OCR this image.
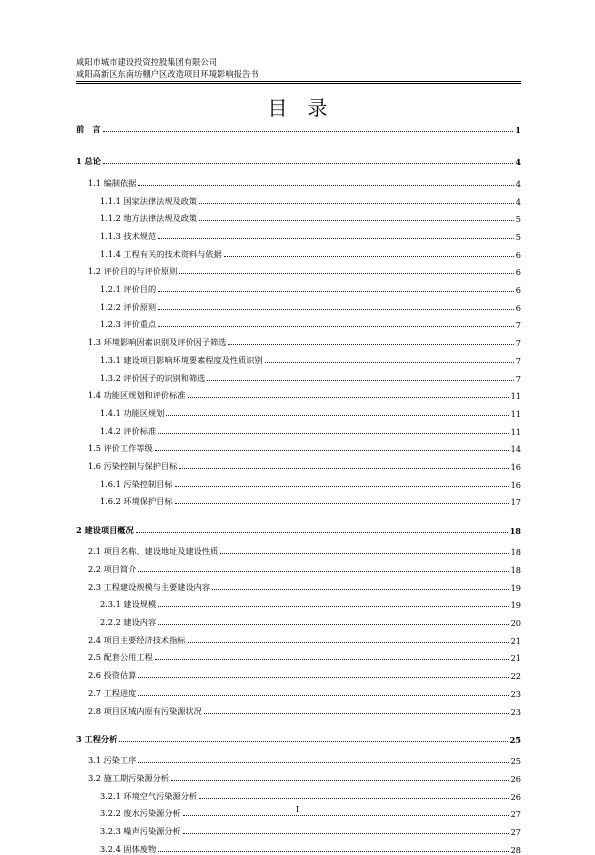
咸阳市城市建设投资控股集团有限公司
咸阳高新区东南坊棚户区改造项目环境影响报告书
目　录
前　言	1
1 总论	4
1.1 编制依据	4
1.1.1 国家法律法规及政策	4
1.1.2 地方法律法规及政策	5
1.1.3 技术规范	5
1.1.4 工程有关的技术资料与依据	6
1.2 评价目的与评价原则	6
1.2.1 评价目的	6
1.2.2 评价原则	6
1.2.3 评价重点	7
1.3 环境影响因素识别及评价因子筛选	7
1.3.1 建设项目影响环境要素程度及性质识别	7
1.3.2 评价因子的识别和筛选	7
1.4 功能区规划和评价标准	11
1.4.1 功能区规划	11
1.4.2 评价标准	11
1.5 评价工作等级	14
1.6 污染控制与保护目标	16
1.6.1 污染控制目标	16
1.6.2 环境保护目标	17
2 建设项目概况	18
2.1 项目名称、建设地址及建设性质	18
2.2 项目简介	18
2.3 工程建设规模与主要建设内容	19
2.3.1 建设规模	19
2.2.2 建设内容	20
2.4 项目主要经济技术指标	21
2.5 配套公用工程	21
2.6 投资估算	22
2.7 工程进度	23
2.8 项目区域内原有污染源状况	23
3 工程分析	25
3.1 污染工序	25
3.2 施工期污染源分析	26
3.2.1 环境空气污染源分析	26
3.2.2 废水污染源分析	27
3.2.3 噪声污染源分析	27
3.2.4 固体废物	28
I
